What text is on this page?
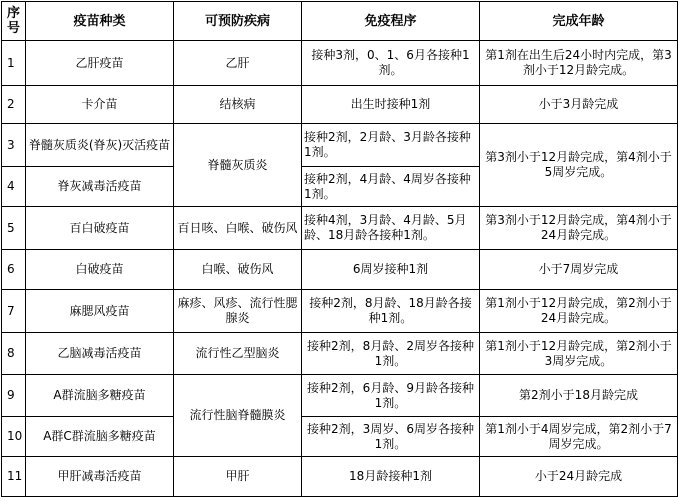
序号	疫苗种类	可预防疾病	免疫程序	完成年龄
1	乙肝疫苗	乙肝	接种3剂，0、1、6月各接种1剂。	第1剂在出生后24小时内完成，第3剂小于12月龄完成。
2	卡介苗	结核病	出生时接种1剂	小于3月龄完成
3	脊髓灰质炎(脊灰)灭活疫苗	脊髓灰质炎	接种2剂，2月龄、3月龄各接种1剂。	第3剂小于12月龄完成，第4剂小于5周岁完成。
4	脊灰减毒活疫苗		接种2剂，4月龄、4周岁各接种1剂。	
5	百白破疫苗	百日咳、白喉、破伤风	接种4剂，3月龄、4月龄、5月龄、18月龄各接种1剂。	第3剂小于12月龄完成，第4剂小于24月龄完成。
6	白破疫苗	白喉、破伤风	6周岁接种1剂	小于7周岁完成
7	麻腮风疫苗	麻疹、风疹、流行性腮腺炎	接种2剂，8月龄、18月龄各接种1剂。	第1剂小于12月龄完成，第2剂小于24月龄完成。
8	乙脑减毒活疫苗	流行性乙型脑炎	接种2剂，8月龄、2周岁各接种1剂。	第1剂小于12月龄完成，第2剂小于3周岁完成。
9	A群流脑多糖疫苗	流行性脑脊髓膜炎	接种2剂，6月龄、9月龄各接种1剂。	第2剂小于18月龄完成
10	A群C群流脑多糖疫苗		接种2剂，3周岁、6周岁各接种1剂。	第1剂小于4周岁完成，第2剂小于7周岁完成。
11	甲肝减毒活疫苗	甲肝	18月龄接种1剂	小于24月龄完成
